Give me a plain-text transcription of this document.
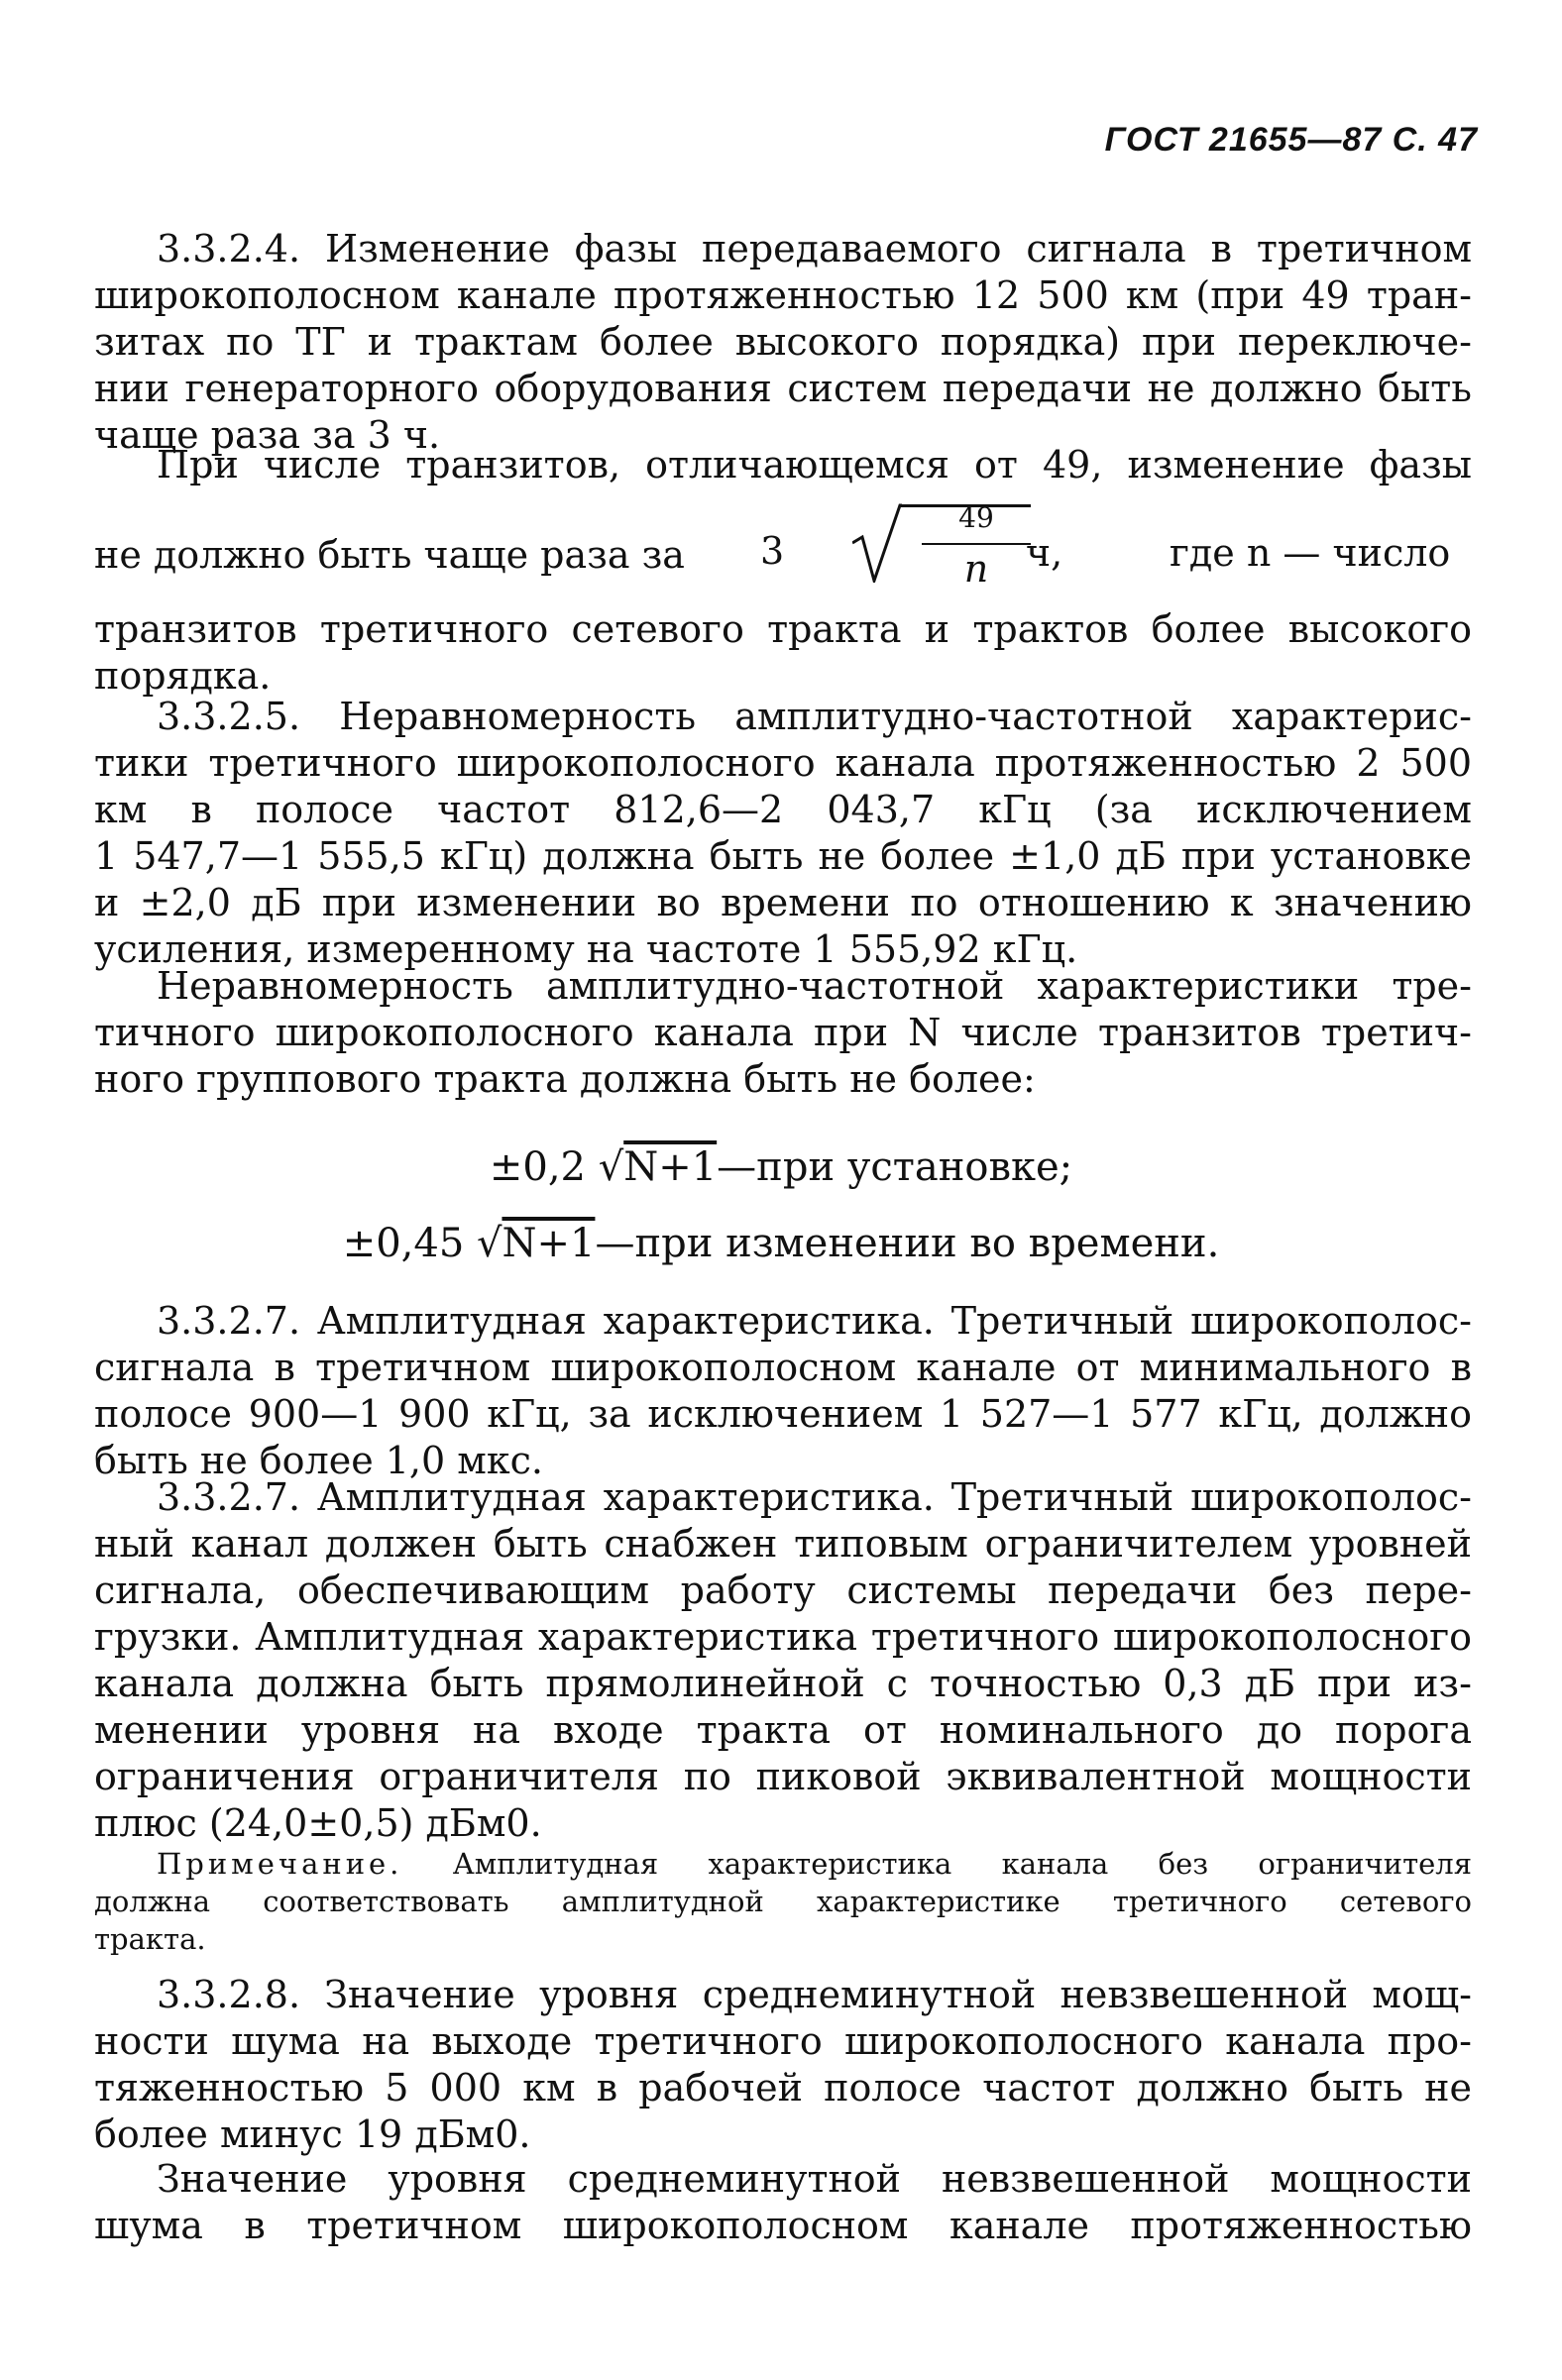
ГОСТ 21655—87 С. 47
3.3.2.4. Изменение фазы передаваемого сигнала в третичном
широкополосном канале протяженностью 12 500 км (при 49 тран-
зитах по ТГ и трактам более высокого порядка) при переключе-
нии генераторного оборудования систем передачи не должно быть
чаще раза за 3 ч.
При числе транзитов, отличающемся от 49, изменение фазы
не должно быть чаще раза за 3
49
n ч,	где n — число
транзитов третичного сетевого тракта и трактов более высокого
порядка.
3.3.2.5. Неравномерность амплитудно-частотной характерис-
тики третичного широкополосного канала протяженностью 2 500
км в полосе частот 812,6—2 043,7 кГц (за исключением
1 547,7—1 555,5 кГц) должна быть не более ±1,0 дБ при установке
и ±2,0 дБ при изменении во времени по отношению к значению
усиления, измеренному на частоте 1 555,92 кГц.
Неравномерность амплитудно-частотной характеристики тре-
тичного широкополосного канала при N числе транзитов третич-
ного группового тракта должна быть не более:
±0,2 √N+1—при установке;
±0,45 √N+1—при изменении во времени.
3.3.2.7. Амплитудная характеристика. Третичный широкополос-
сигнала в третичном широкополосном канале от минимального в
полосе 900—1 900 кГц, за исключением 1 527—1 577 кГц, должно
быть не более 1,0 мкс.
3.3.2.7. Амплитудная характеристика. Третичный широкополос-
ный канал должен быть снабжен типовым ограничителем уровней
сигнала, обеспечивающим работу системы передачи без пере-
грузки. Амплитудная характеристика третичного широкополосного
канала должна быть прямолинейной с точностью 0,3 дБ при из-
менении уровня на входе тракта от номинального до порога
ограничения ограничителя по пиковой эквивалентной мощности
плюс (24,0±0,5) дБм0.
Примечание. Амплитудная характеристика канала без ограничителя
должна соответствовать амплитудной характеристике третичного сетевого
тракта.
3.3.2.8. Значение уровня среднеминутной невзвешенной мощ-
ности шума на выходе третичного широкополосного канала про-
тяженностью 5 000 км в рабочей полосе частот должно быть не
более минус 19 дБм0.
Значение уровня среднеминутной невзвешенной мощности
шума в третичном широкополосном канале протяженностью
